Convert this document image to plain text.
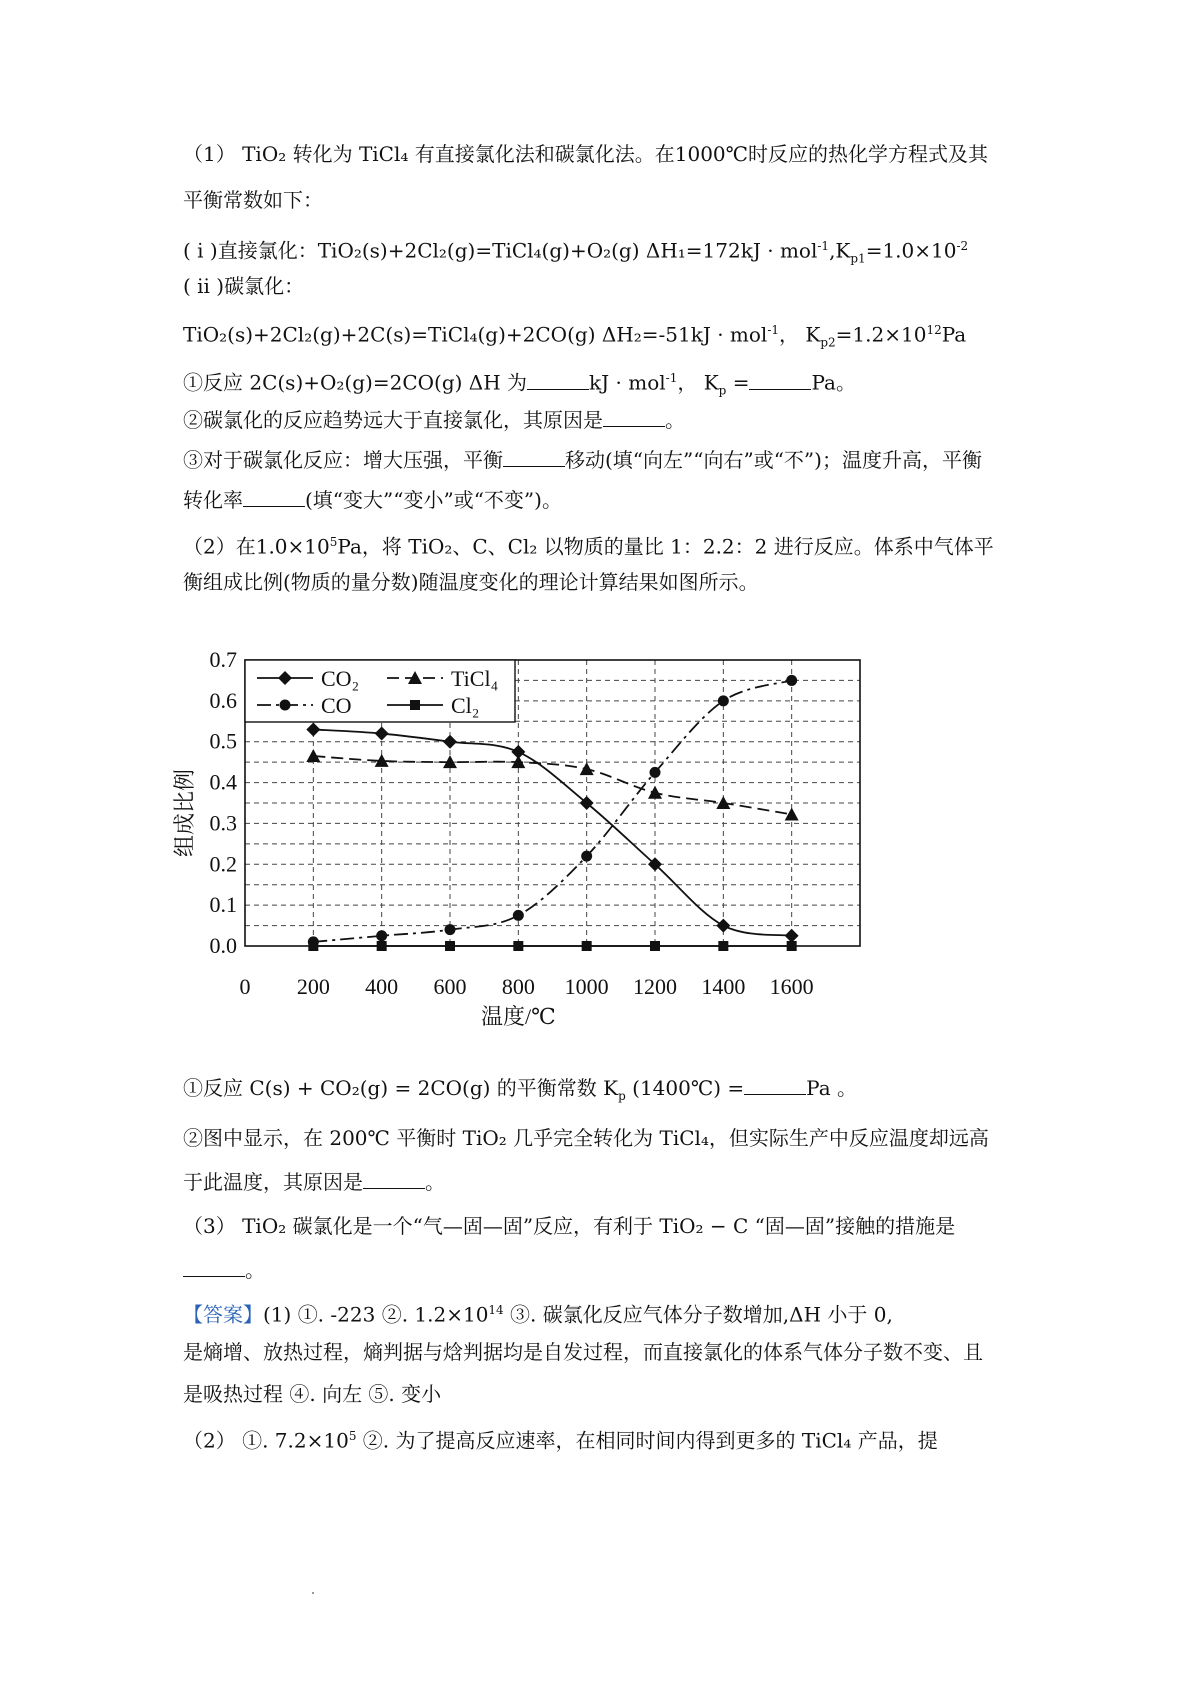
（1） TiO₂ 转化为 TiCl₄ 有直接氯化法和碳氯化法。在1000℃时反应的热化学方程式及其
平衡常数如下：
( ⅰ )直接氯化：TiO₂(s)+2Cl₂(g)=TiCl₄(g)+O₂(g) $\Delta H_1=172kJ \cdot mol^{-1},K_{p1}=1.0\times 10^{-2}$
( ⅱ )碳氯化：
TiO₂(s)+2Cl₂(g)+2C(s)=TiCl₄(g)+2CO(g) ΔH₂=-51kJ · mol$^{-1}$， $K_{p2}=1.2\times 10^{12}Pa$
①反应 2C(s)+O₂(g)=2CO(g) ΔH 为	kJ · mol$^{-1}$， $K_p$ =	Pa。
②碳氯化的反应趋势远大于直接氯化，其原因是	。
③对于碳氯化反应：增大压强，平衡	移动(填“向左”“向右”或“不”)；温度升高，平衡
转化率	(填“变大”“变小”或“不变”)。
（2）在$1.0\times 10^5Pa$，将 TiO₂、C、Cl₂ 以物质的量比 1：2.2：2 进行反应。体系中气体平
衡组成比例(物质的量分数)随温度变化的理论计算结果如图所示。
0.0
0.1
0.2
0.3
0.4
0.5
0.6
0.7
0 200 400 600 800 1000 1200 1400 1600
温度/℃
组成比例
CO₂	TiCl₄
CO	Cl₂
①反应 C(s) + CO₂(g) = 2CO(g) 的平衡常数 $K_p$ (1400℃) =	Pa 。
②图中显示，在 200℃ 平衡时 TiO₂ 几乎完全转化为 TiCl₄，但实际生产中反应温度却远高
于此温度，其原因是	。
（3） TiO₂ 碳氯化是一个“气—固—固”反应，有利于 TiO₂ − C “固—固”接触的措施是
。
【答案】(1) ①. -223 ②. $1.2\times 10^{14}$ ③. 碳氯化反应气体分子数增加,ΔH 小于 0,
是熵增、放热过程，熵判据与焓判据均是自发过程，而直接氯化的体系气体分子数不变、且
是吸热过程 ④. 向左 ⑤. 变小
（2） ①. $7.2\times 10^5$ ②. 为了提高反应速率，在相同时间内得到更多的 TiCl₄ 产品，提
